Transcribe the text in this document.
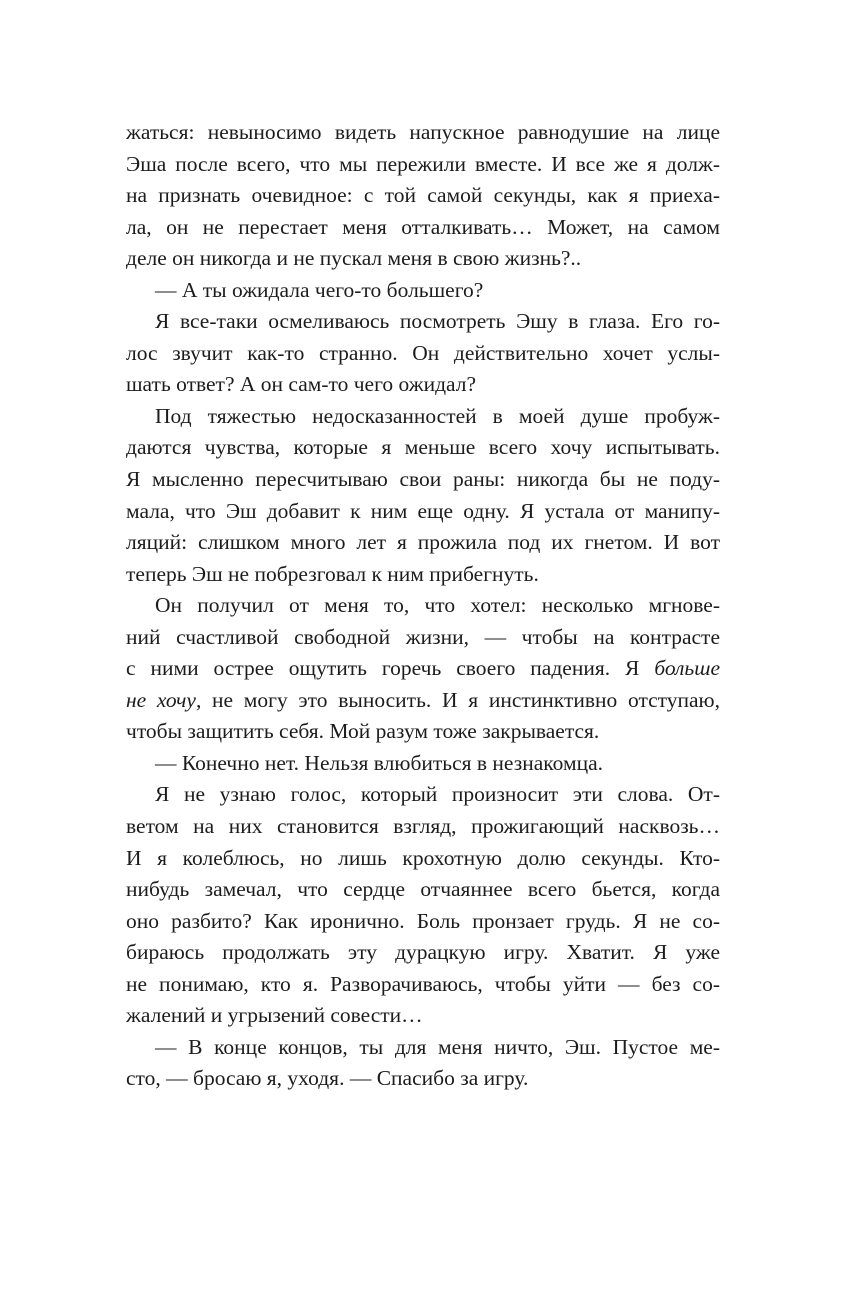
жаться: невыносимо видеть напускное равнодушие на лице
Эша после всего, что мы пережили вместе. И все же я долж-
на признать очевидное: с той самой секунды, как я приеха-
ла, он не перестает меня отталкивать… Может, на самом
деле он никогда и не пускал меня в свою жизнь?..
— А ты ожидала чего-то большего?
Я все-таки осмеливаюсь посмотреть Эшу в глаза. Его го-
лос звучит как-то странно. Он действительно хочет услы-
шать ответ? А он сам-то чего ожидал?
Под тяжестью недосказанностей в моей душе пробуж-
даются чувства, которые я меньше всего хочу испытывать.
Я мысленно пересчитываю свои раны: никогда бы не поду-
мала, что Эш добавит к ним еще одну. Я устала от манипу-
ляций: слишком много лет я прожила под их гнетом. И вот
теперь Эш не побрезговал к ним прибегнуть.
Он получил от меня то, что хотел: несколько мгнове-
ний счастливой свободной жизни, — чтобы на контрасте
с ними острее ощутить горечь своего падения. Я больше
не хочу, не могу это выносить. И я инстинктивно отступаю,
чтобы защитить себя. Мой разум тоже закрывается.
— Конечно нет. Нельзя влюбиться в незнакомца.
Я не узнаю голос, который произносит эти слова. От-
ветом на них становится взгляд, прожигающий насквозь…
И я колеблюсь, но лишь крохотную долю секунды. Кто-
нибудь замечал, что сердце отчаяннее всего бьется, когда
оно разбито? Как иронично. Боль пронзает грудь. Я не со-
бираюсь продолжать эту дурацкую игру. Хватит. Я уже
не понимаю, кто я. Разворачиваюсь, чтобы уйти — без со-
жалений и угрызений совести…
— В конце концов, ты для меня ничто, Эш. Пустое ме-
сто, — бросаю я, уходя. — Спасибо за игру.
